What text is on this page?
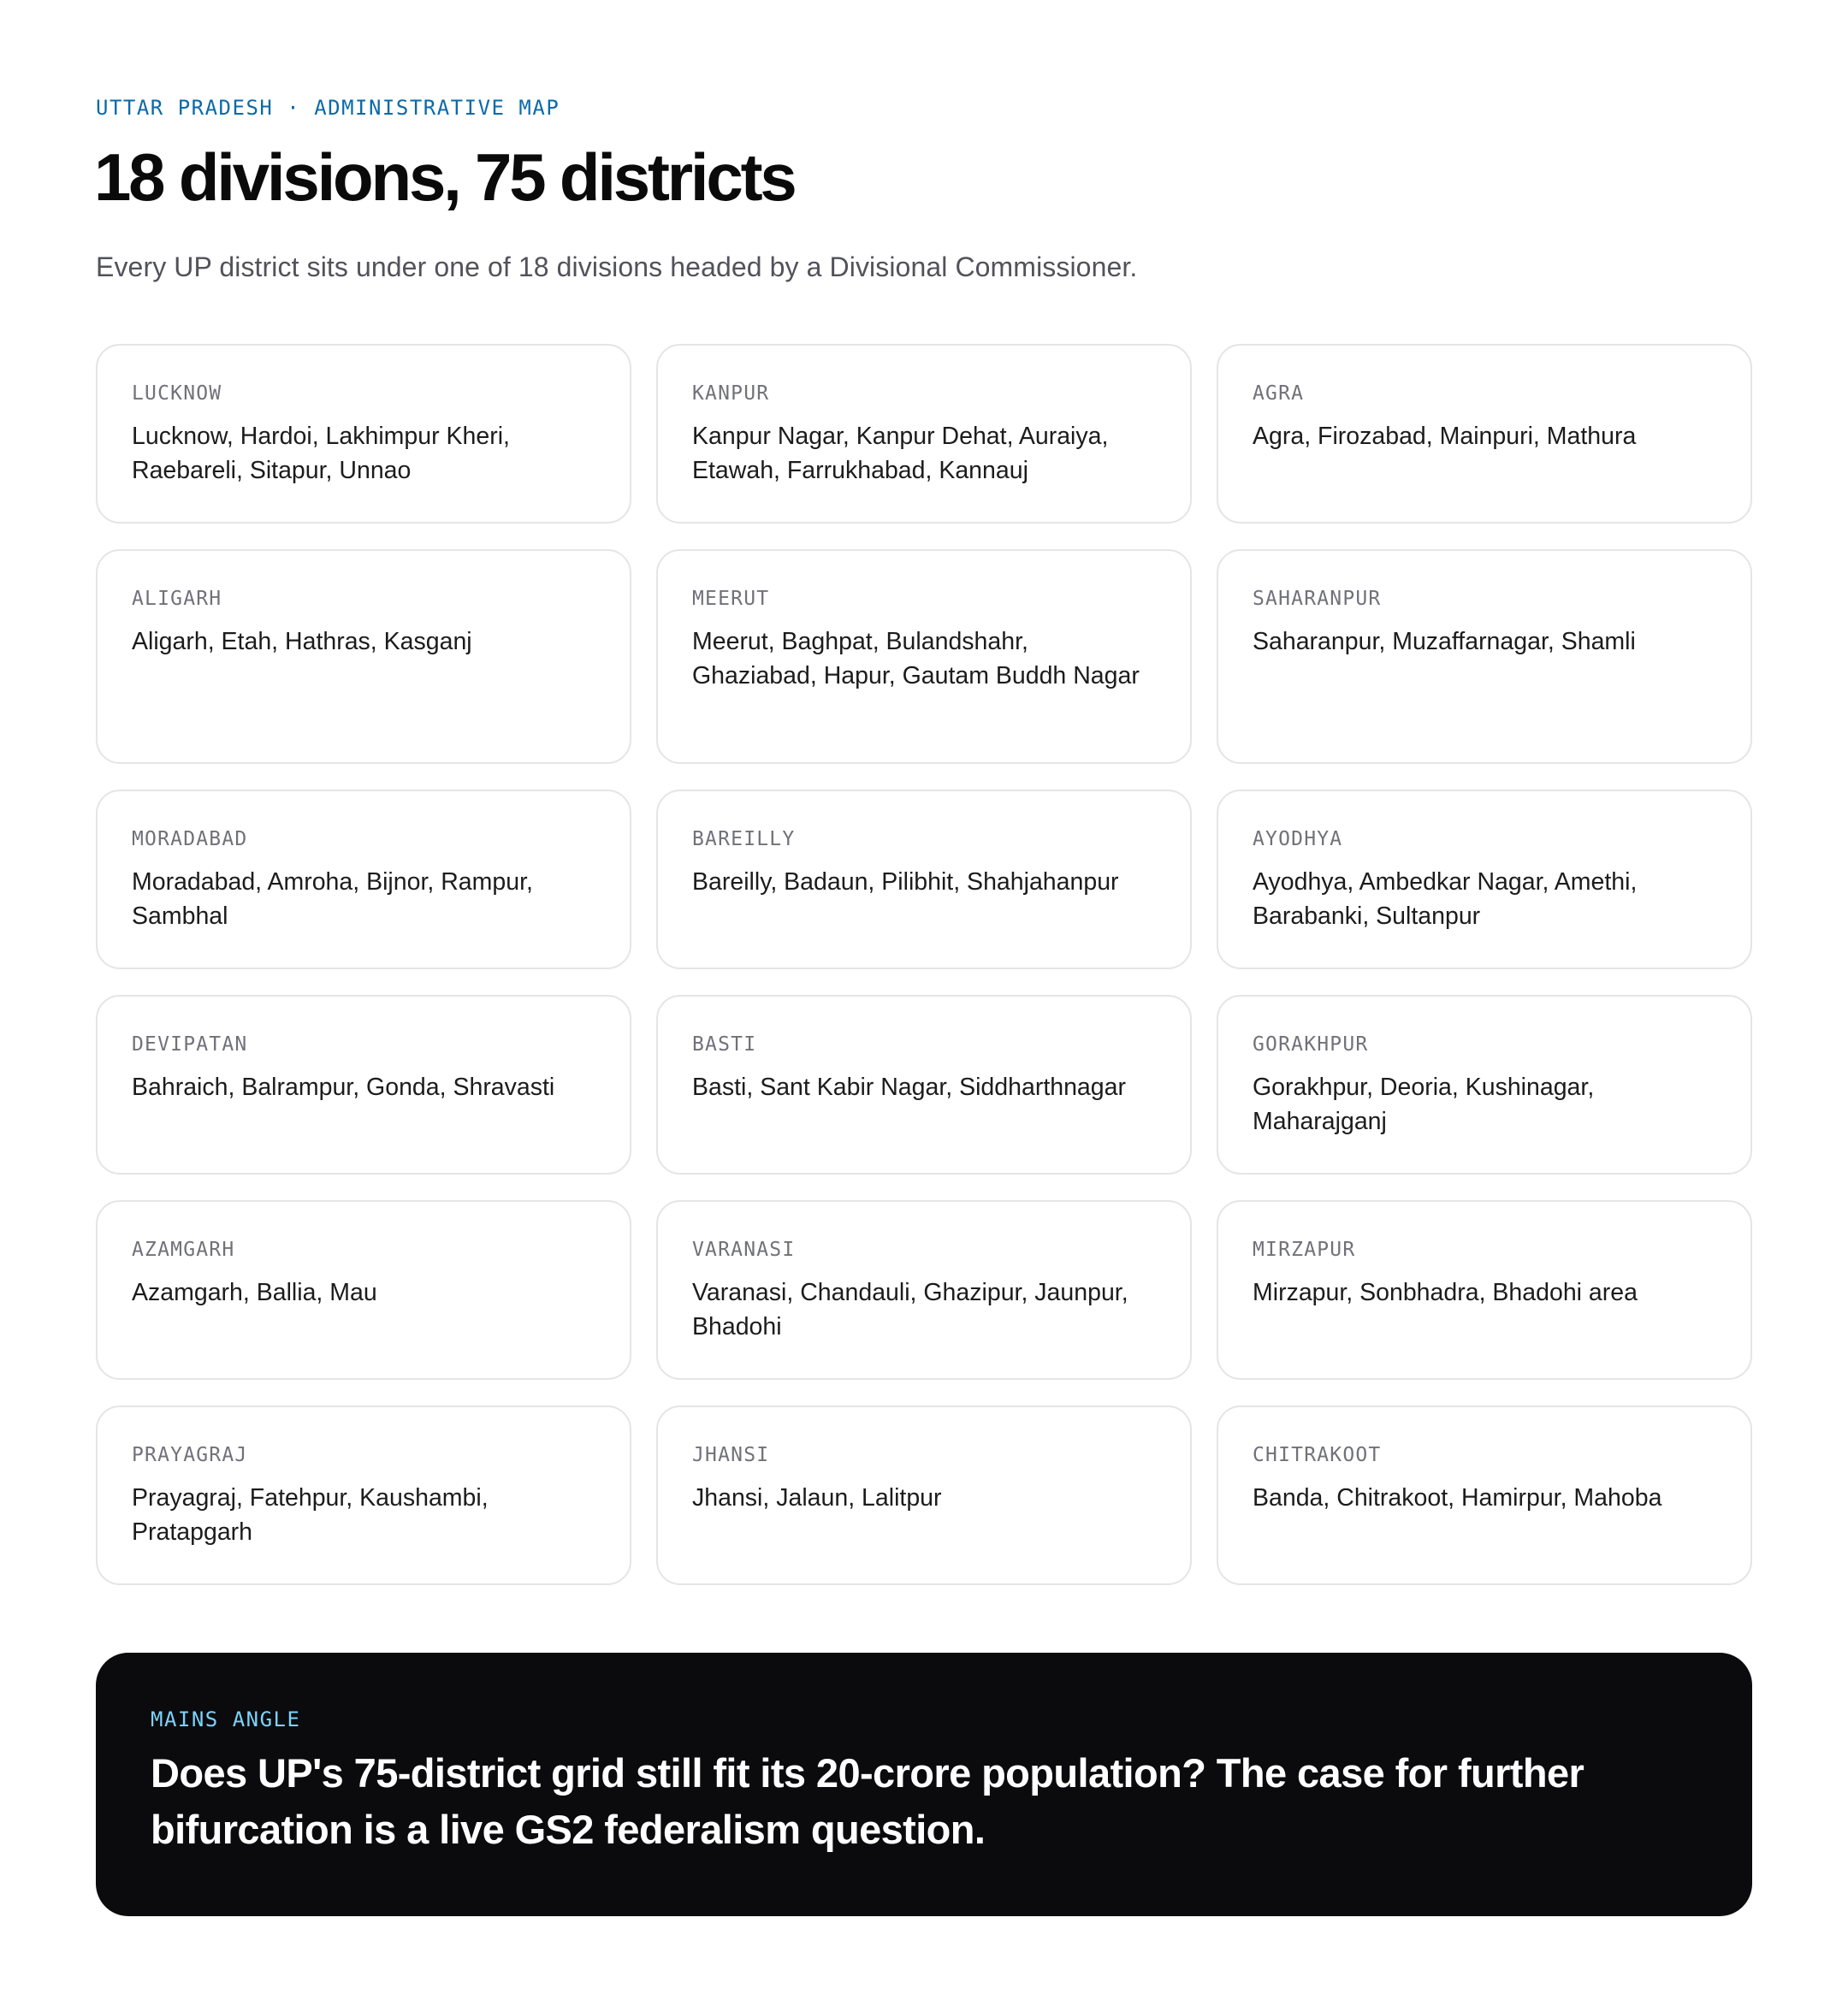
UTTAR PRADESH · ADMINISTRATIVE MAP
18 divisions, 75 districts

Every UP district sits under one of 18 divisions headed by a Divisional Commissioner.

LUCKNOW
Lucknow, Hardoi, Lakhimpur Kheri, Raebareli, Sitapur, Unnao
KANPUR
Kanpur Nagar, Kanpur Dehat, Auraiya, Etawah, Farrukhabad, Kannauj
AGRA
Agra, Firozabad, Mainpuri, Mathura
ALIGARH
Aligarh, Etah, Hathras, Kasganj
MEERUT
Meerut, Baghpat, Bulandshahr, Ghaziabad, Hapur, Gautam Buddh Nagar
SAHARANPUR
Saharanpur, Muzaffarnagar, Shamli
MORADABAD
Moradabad, Amroha, Bijnor, Rampur, Sambhal
BAREILLY
Bareilly, Badaun, Pilibhit, Shahjahanpur
AYODHYA
Ayodhya, Ambedkar Nagar, Amethi, Barabanki, Sultanpur
DEVIPATAN
Bahraich, Balrampur, Gonda, Shravasti
BASTI
Basti, Sant Kabir Nagar, Siddharthnagar
GORAKHPUR
Gorakhpur, Deoria, Kushinagar, Maharajganj
AZAMGARH
Azamgarh, Ballia, Mau
VARANASI
Varanasi, Chandauli, Ghazipur, Jaunpur, Bhadohi
MIRZAPUR
Mirzapur, Sonbhadra, Bhadohi area
PRAYAGRAJ
Prayagraj, Fatehpur, Kaushambi, Pratapgarh
JHANSI
Jhansi, Jalaun, Lalitpur
CHITRAKOOT
Banda, Chitrakoot, Hamirpur, Mahoba
MAINS ANGLE
Does UP's 75-district grid still fit its 20-crore population? The case for further bifurcation is a live GS2 federalism question.
